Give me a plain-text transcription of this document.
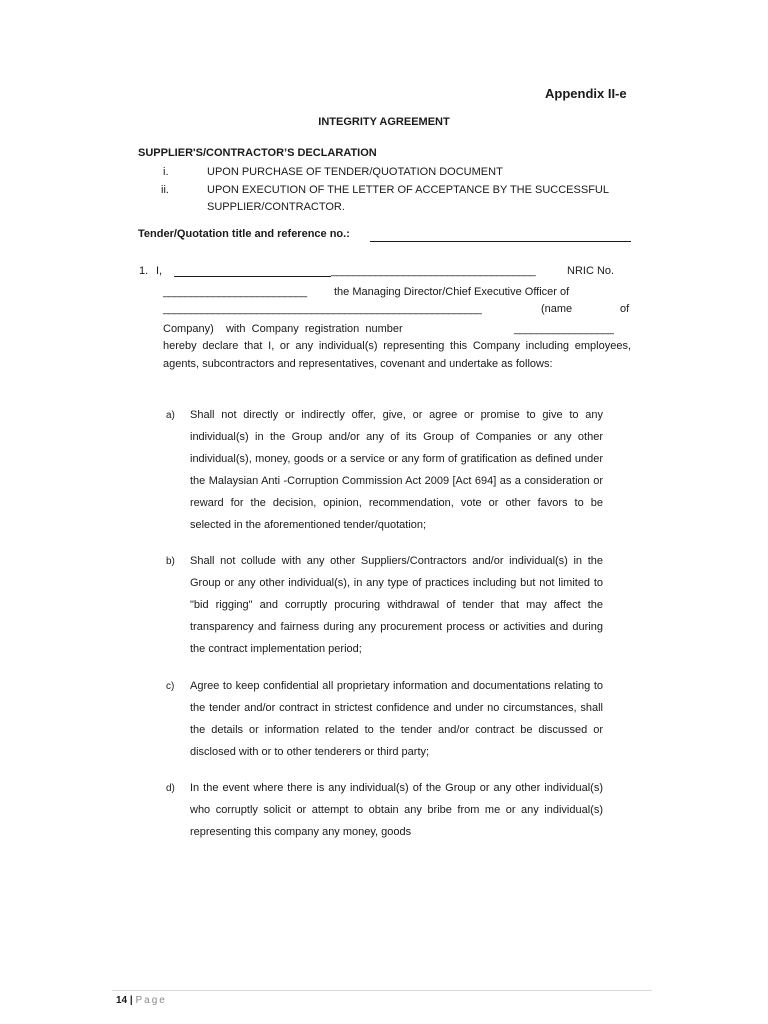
Appendix II-e
INTEGRITY AGREEMENT
SUPPLIER'S/CONTRACTOR’S DECLARATION
i.	UPON PURCHASE OF TENDER/QUOTATION DOCUMENT
ii.	UPON EXECUTION OF THE LETTER OF ACCEPTANCE BY THE SUCCESSFUL
SUPPLIER/CONTRACTOR.
Tender/Quotation title and reference no.:
1. I,	_____________________________________	NRIC No.
__________________________	the Managing Director/Chief Executive Officer of
__________________________________________________________	(name	of
Company)    with  Company  registration  number	__________________
hereby declare that I, or any individual(s) representing this Company including employees, agents, subcontractors and representatives, covenant and undertake as follows:
a) Shall not directly or indirectly offer, give, or agree or promise to give to any individual(s) in the Group and/or any of its Group of Companies or any other individual(s), money, goods or a service or any form of gratification as defined under the Malaysian Anti -Corruption Commission Act 2009 [Act 694] as a consideration or reward for the decision, opinion, recommendation, vote or other favors to be selected in the aforementioned tender/quotation;
b) Shall not collude with any other Suppliers/Contractors and/or individual(s) in the Group or any other individual(s), in any type of practices including but not limited to "bid rigging" and corruptly procuring withdrawal of tender that may affect the transparency and fairness during any procurement process or activities and during the contract implementation period;
c) Agree to keep confidential all proprietary information and documentations relating to the tender and/or contract in strictest confidence and under no circumstances, shall the details or information related to the tender and/or contract be discussed or disclosed with or to other tenderers or third party;
d) In the event where there is any individual(s) of the Group or any other individual(s) who corruptly solicit or attempt to obtain any bribe from me or any individual(s) representing this company any money, goods
14 | Page
